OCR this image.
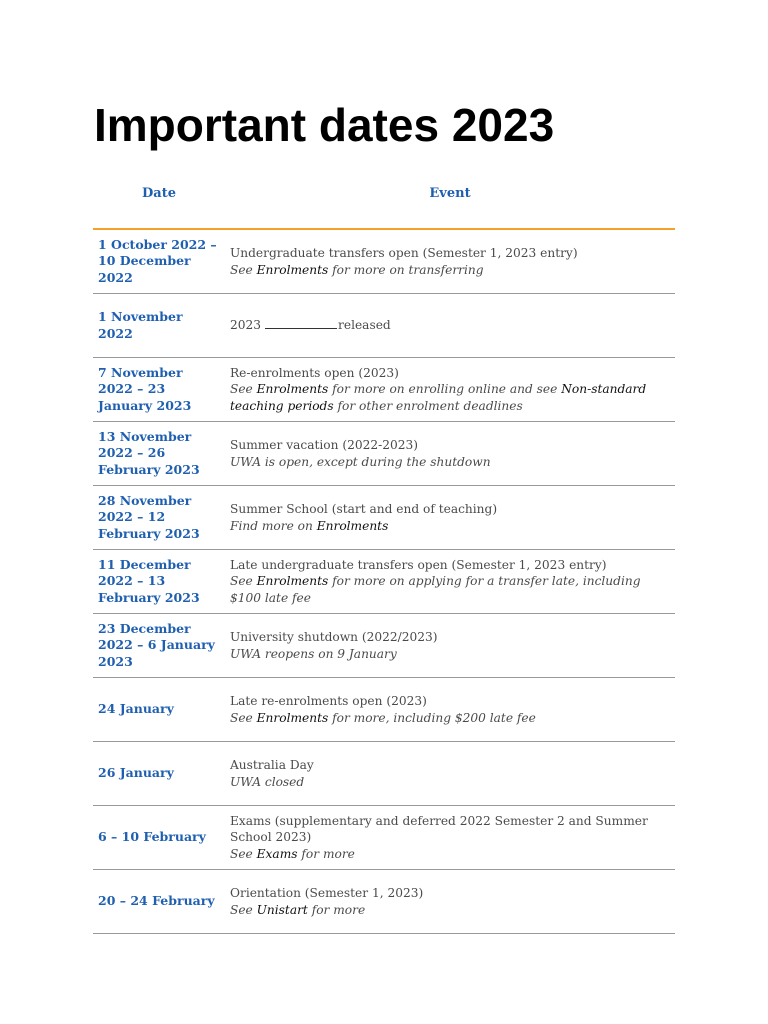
Important dates 2023
Date	Event
1 October 2022 – 10 December 2022
Undergraduate transfers open (Semester 1, 2023 entry)
See Enrolments for more on transferring
1 November 2022
2023	released
7 November 2022 – 23 January 2023
Re-enrolments open (2023)
See Enrolments for more on enrolling online and see Non-standard teaching periods for other enrolment deadlines
13 November 2022 – 26 February 2023
Summer vacation (2022-2023)
UWA is open, except during the shutdown
28 November 2022 – 12 February 2023
Summer School (start and end of teaching)
Find more on Enrolments
11 December 2022 – 13 February 2023
Late undergraduate transfers open (Semester 1, 2023 entry)
See Enrolments for more on applying for a transfer late, including $100 late fee
23 December 2022 – 6 January 2023
University shutdown (2022/2023)
UWA reopens on 9 January
24 January
Late re-enrolments open (2023)
See Enrolments for more, including $200 late fee
26 January
Australia Day
UWA closed
6 – 10 February
Exams (supplementary and deferred 2022 Semester 2 and Summer School 2023)
See Exams for more
20 – 24 February
Orientation (Semester 1, 2023)
See Unistart for more
